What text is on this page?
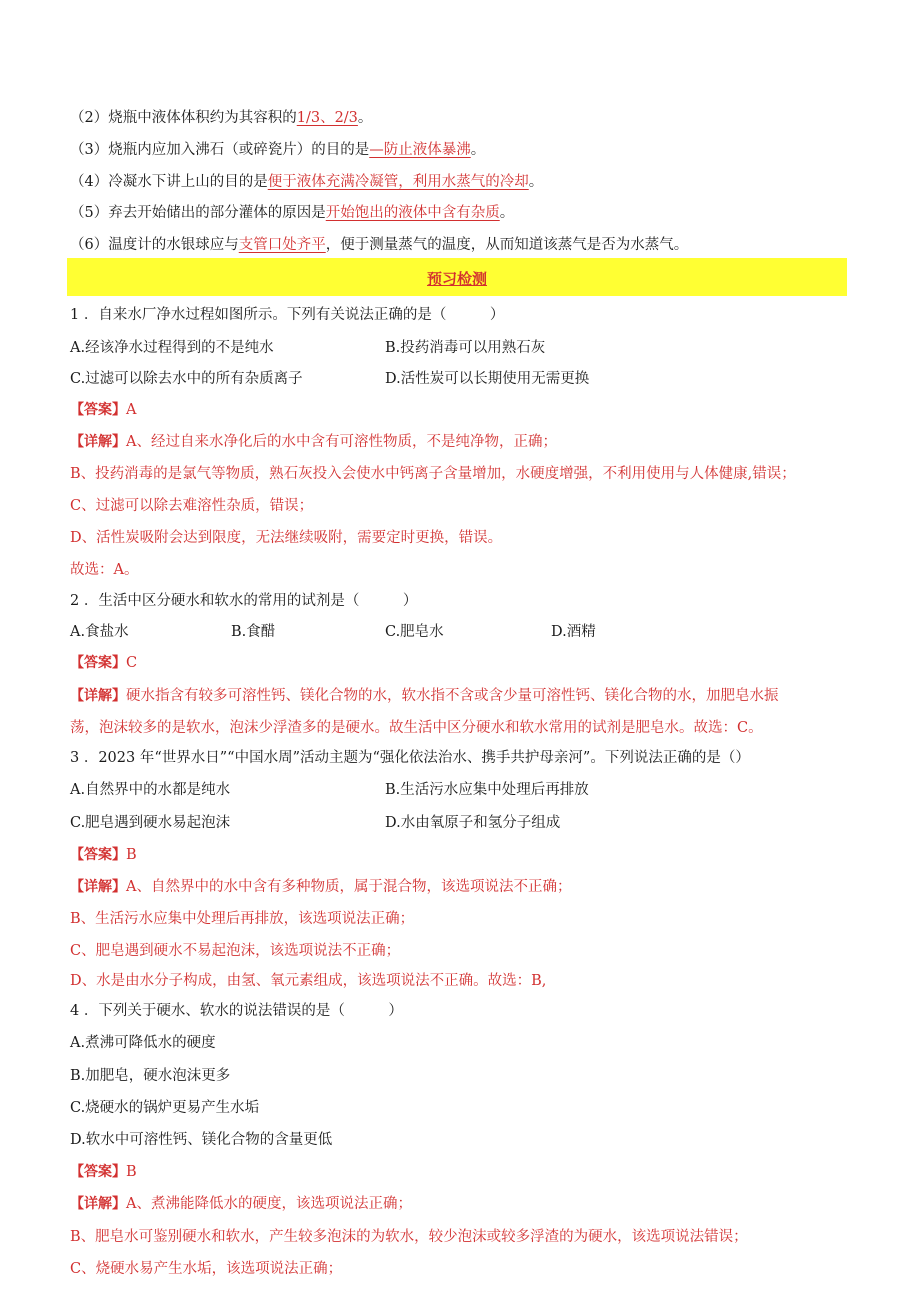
（2）烧瓶中液体体积约为其容积的1/3、2/3。
（3）烧瓶内应加入沸石（或碎瓷片）的目的是—防止液体暴沸。
（4）冷凝水下讲上山的目的是便于液体充满冷凝管，利用水蒸气的冷却。
（5）弃去开始储出的部分灌体的原因是开始饱出的液体中含有杂质。
（6）温度计的水银球应与支管口处齐平，便于测量蒸气的温度，从而知道该蒸气是否为水蒸气。
预习检测
1 ．自来水厂净水过程如图所示。下列有关说法正确的是（　　　）
A.经该净水过程得到的不是纯水	B.投药消毒可以用熟石灰
C.过滤可以除去水中的所有杂质离子	D.活性炭可以长期使用无需更换
【答案】A
【详解】A、经过自来水净化后的水中含有可溶性物质，不是纯净物，正确；
B、投药消毒的是氯气等物质，熟石灰投入会使水中钙离子含量增加，水硬度增强，不利用使用与人体健康,错误；
C、过滤可以除去难溶性杂质，错误；
D、活性炭吸附会达到限度，无法继续吸附，需要定时更换，错误。
故选：A。
2 ．生活中区分硬水和软水的常用的试剂是（　　　）
A.食盐水	B.食醋	C.肥皂水	D.酒精
【答案】C
【详解】硬水指含有较多可溶性钙、镁化合物的水，软水指不含或含少量可溶性钙、镁化合物的水，加肥皂水振
荡，泡沫较多的是软水，泡沫少浮渣多的是硬水。故生活中区分硬水和软水常用的试剂是肥皂水。故选：C。
3 ．2023 年“世界水日”“中国水周”活动主题为“强化依法治水、携手共护母亲河”。下列说法正确的是（）
A.自然界中的水都是纯水	B.生活污水应集中处理后再排放
C.肥皂遇到硬水易起泡沫	D.水由氧原子和氢分子组成
【答案】B
【详解】A、自然界中的水中含有多种物质，属于混合物，该选项说法不正确；
B、生活污水应集中处理后再排放，该选项说法正确；
C、肥皂遇到硬水不易起泡沫，该选项说法不正确；
D、水是由水分子构成，由氢、氧元素组成，该选项说法不正确。故选：B,
4 ．下列关于硬水、软水的说法错误的是（　　　）
A.煮沸可降低水的硬度
B.加肥皂，硬水泡沫更多
C.烧硬水的锅炉更易产生水垢
D.软水中可溶性钙、镁化合物的含量更低
【答案】B
【详解】A、煮沸能降低水的硬度，该选项说法正确；
B、肥皂水可鉴别硬水和软水，产生较多泡沫的为软水，较少泡沫或较多浮渣的为硬水，该选项说法错误；
C、烧硬水易产生水垢，该选项说法正确；
